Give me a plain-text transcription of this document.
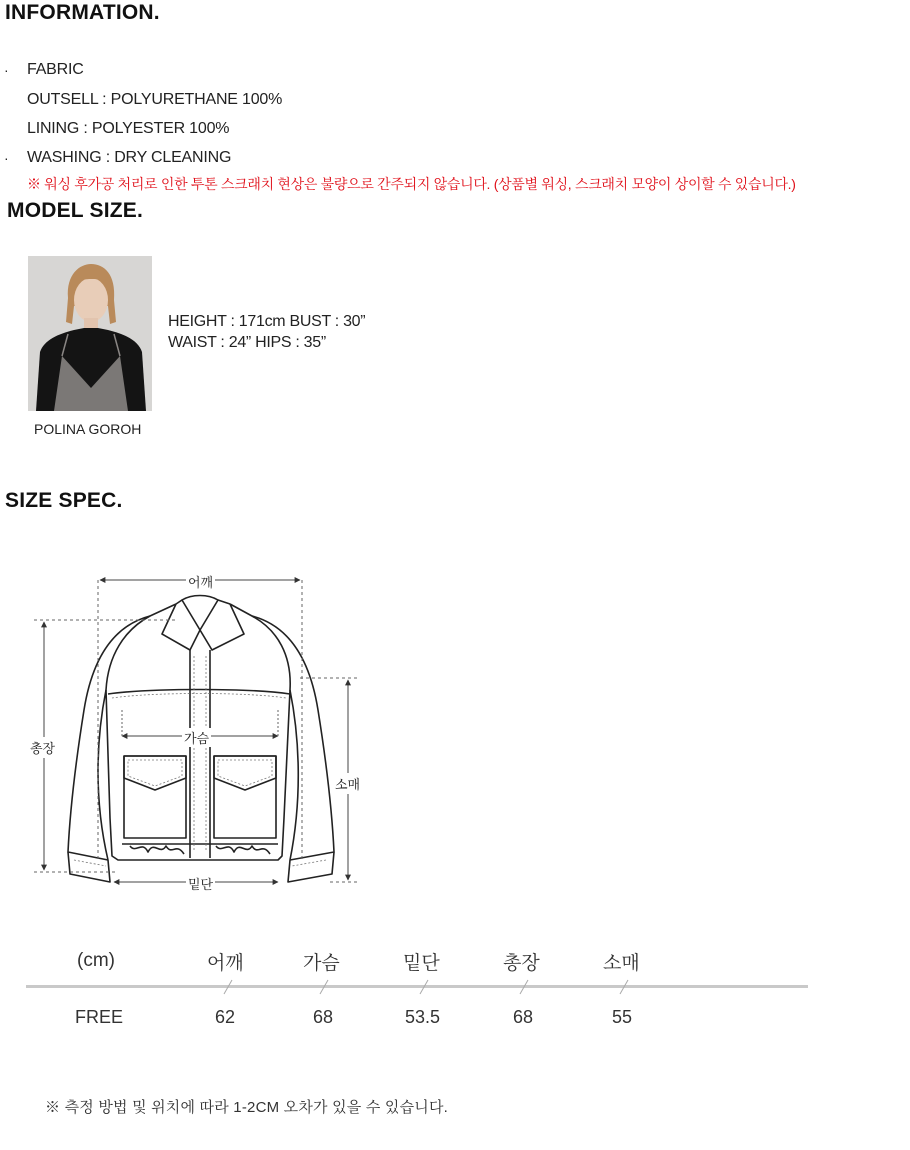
INFORMATION.
· FABRIC
OUTSELL : POLYURETHANE 100%
LINING : POLYESTER 100%
· WASHING : DRY CLEANING
※ 워싱 후가공 처리로 인한 투톤 스크래치 현상은 불량으로 간주되지 않습니다. (상품별 워싱, 스크래치 모양이 상이할 수 있습니다.)
MODEL SIZE.
HEIGHT : 171cm BUST : 30”
WAIST : 24” HIPS : 35”
POLINA GOROH
SIZE SPEC.
어깨
가슴
총장
소매
밑단
(cm)	어깨	가슴	밑단	총장	소매
FREE	62	68	53.5	68	55
※ 측정 방법 및 위치에 따라 1-2CM 오차가 있을 수 있습니다.
